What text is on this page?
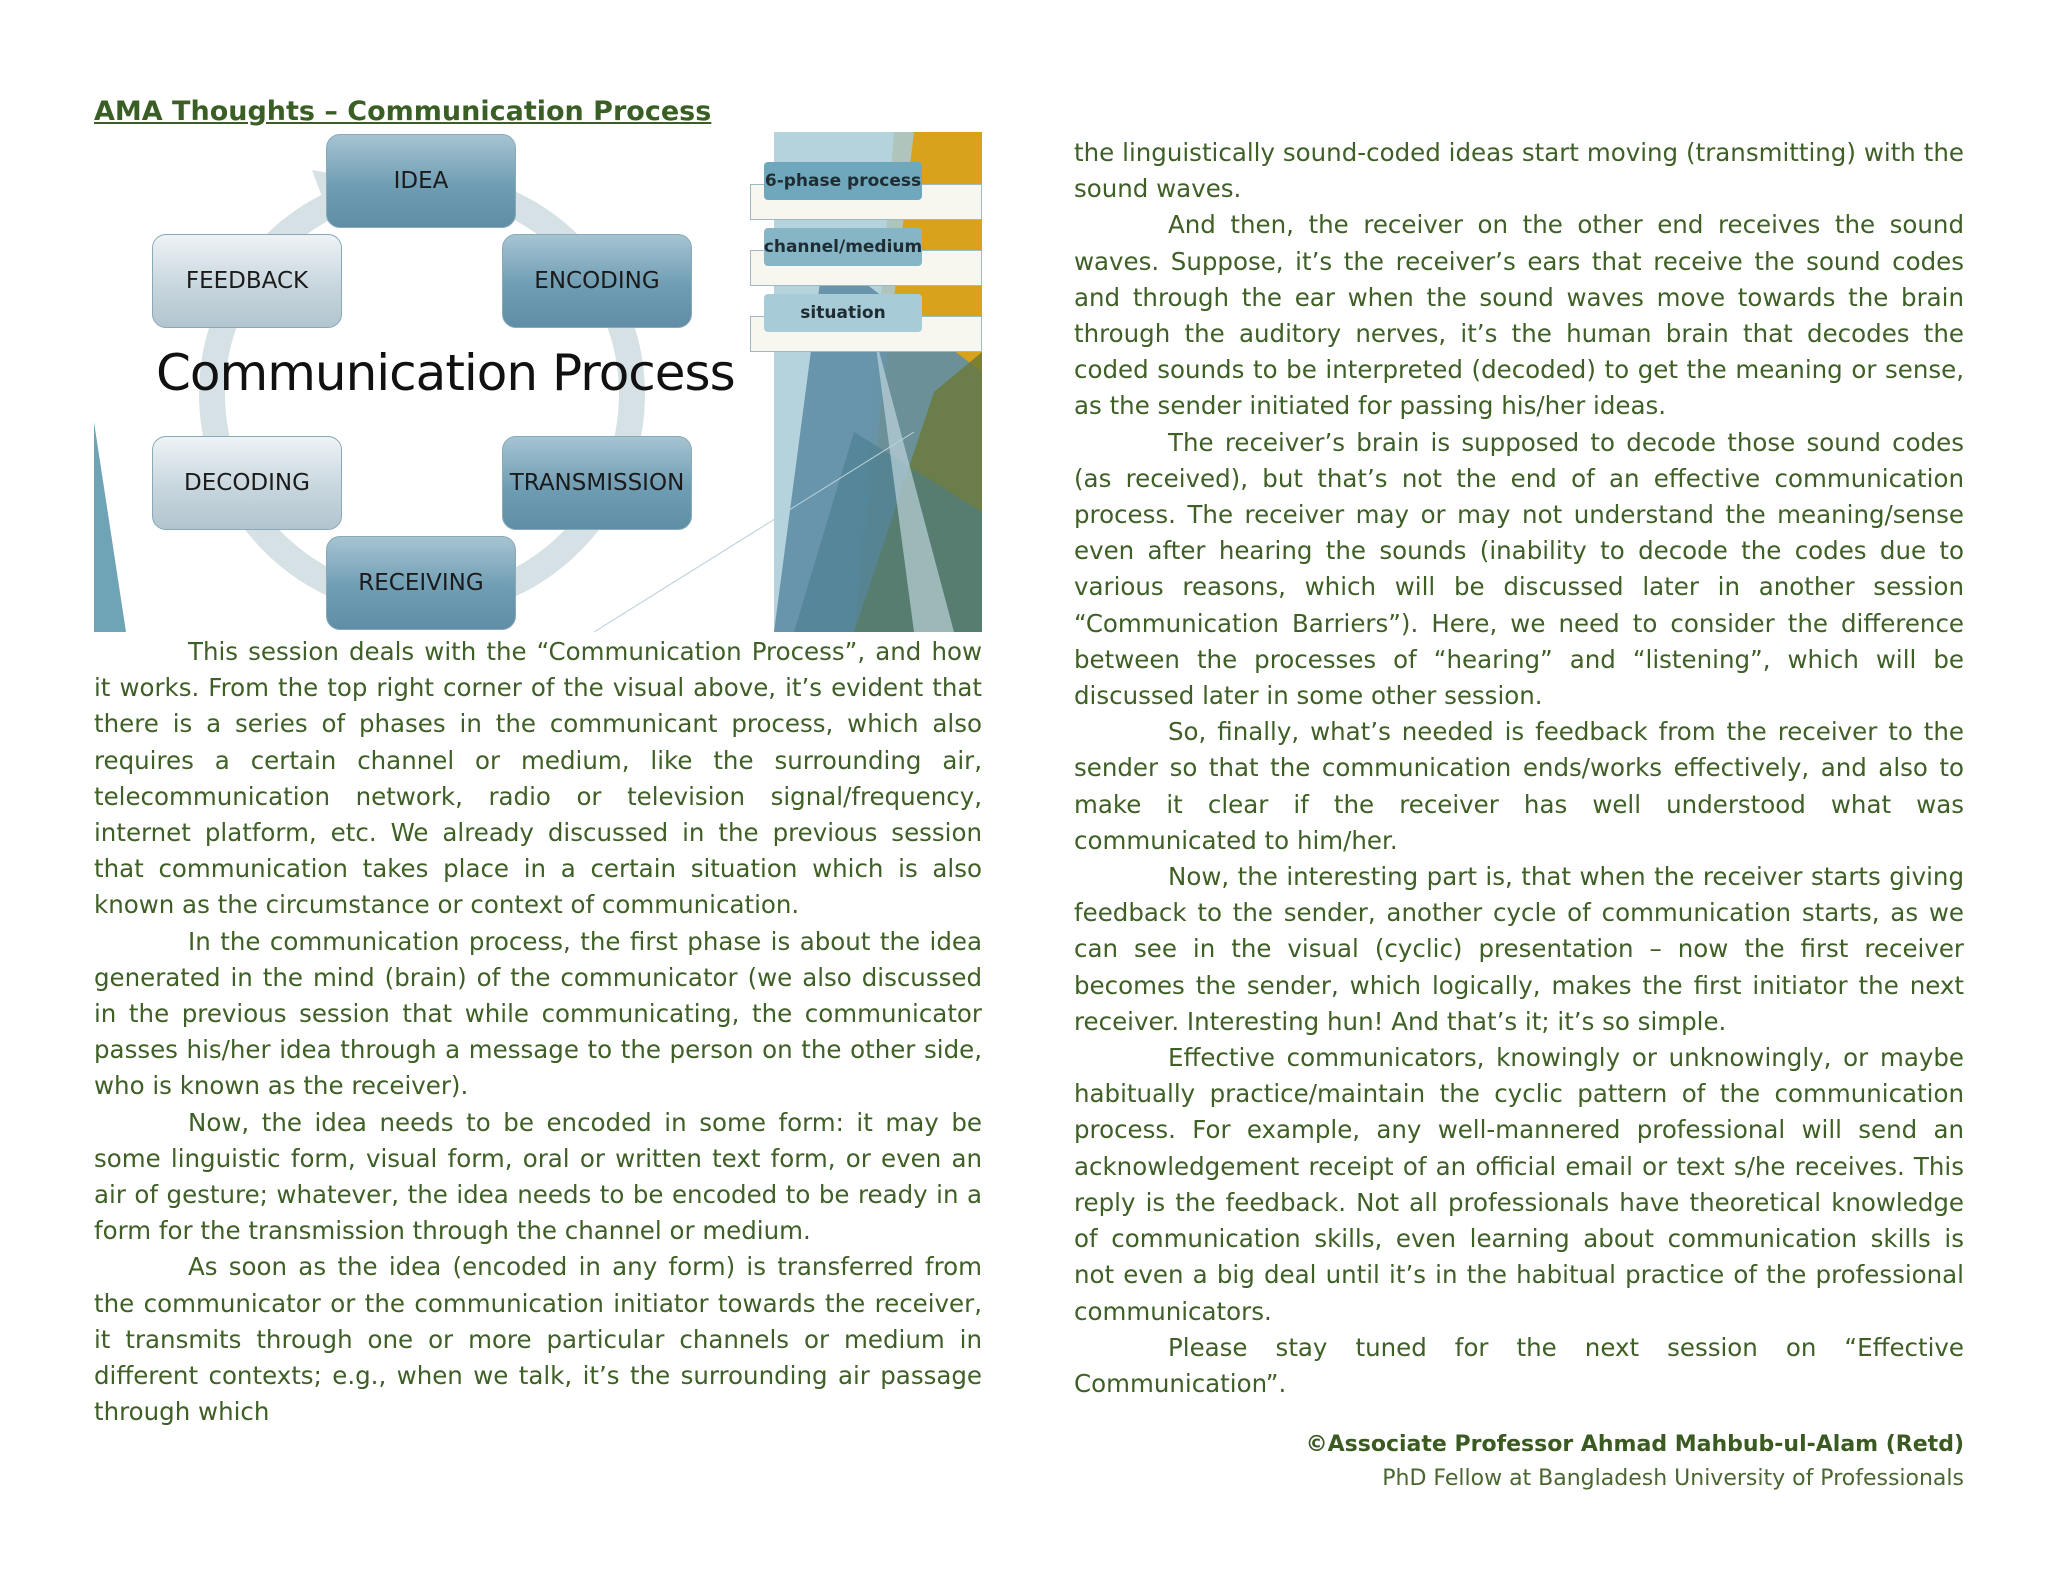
AMA Thoughts – Communication Process
IDEA
ENCODING
TRANSMISSION
RECEIVING
DECODING
FEEDBACK
Communication Process
6-phase process
channel/medium
situation

This session deals with the “Communication Process”, and how it works. From the top right corner of the visual above, it’s evident that there is a series of phases in the communicant process, which also requires a certain channel or medium, like the surrounding air, telecommunication network, radio or television signal/frequency, internet platform, etc. We already discussed in the previous session that communication takes place in a certain situation which is also known as the circumstance or context of communication.

In the communication process, the first phase is about the idea generated in the mind (brain) of the communicator (we also discussed in the previous session that while communicating, the communicator passes his/her idea through a message to the person on the other side, who is known as the receiver).

Now, the idea needs to be encoded in some form: it may be some linguistic form, visual form, oral or written text form, or even an air of gesture; whatever, the idea needs to be encoded to be ready in a form for the transmission through the channel or medium.

As soon as the idea (encoded in any form) is transferred from the communicator or the communication initiator towards the receiver, it transmits through one or more particular channels or medium in different contexts; e.g., when we talk, it’s the surrounding air passage through which

the linguistically sound-coded ideas start moving (transmitting) with the sound waves.

And then, the receiver on the other end receives the sound waves. Suppose, it’s the receiver’s ears that receive the sound codes and through the ear when the sound waves move towards the brain through the auditory nerves, it’s the human brain that decodes the coded sounds to be interpreted (decoded) to get the meaning or sense, as the sender initiated for passing his/her ideas.

The receiver’s brain is supposed to decode those sound codes (as received), but that’s not the end of an effective communication process. The receiver may or may not understand the meaning/sense even after hearing the sounds (inability to decode the codes due to various reasons, which will be discussed later in another session “Communication Barriers”). Here, we need to consider the difference between the processes of “hearing” and “listening”, which will be discussed later in some other session.

So, finally, what’s needed is feedback from the receiver to the sender so that the communication ends/works effectively, and also to make it clear if the receiver has well understood what was communicated to him/her.

Now, the interesting part is, that when the receiver starts giving feedback to the sender, another cycle of communication starts, as we can see in the visual (cyclic) presentation – now the first receiver becomes the sender, which logically, makes the first initiator the next receiver. Interesting hun! And that’s it; it’s so simple.

Effective communicators, knowingly or unknowingly, or maybe habitually practice/maintain the cyclic pattern of the communication process. For example, any well-mannered professional will send an acknowledgement receipt of an official email or text s/he receives. This reply is the feedback. Not all professionals have theoretical knowledge of communication skills, even learning about communication skills is not even a big deal until it’s in the habitual practice of the professional communicators.

Please stay tuned for the next session on “Effective Communication”.

©Associate Professor Ahmad Mahbub-ul-Alam (Retd)
PhD Fellow at Bangladesh University of Professionals
